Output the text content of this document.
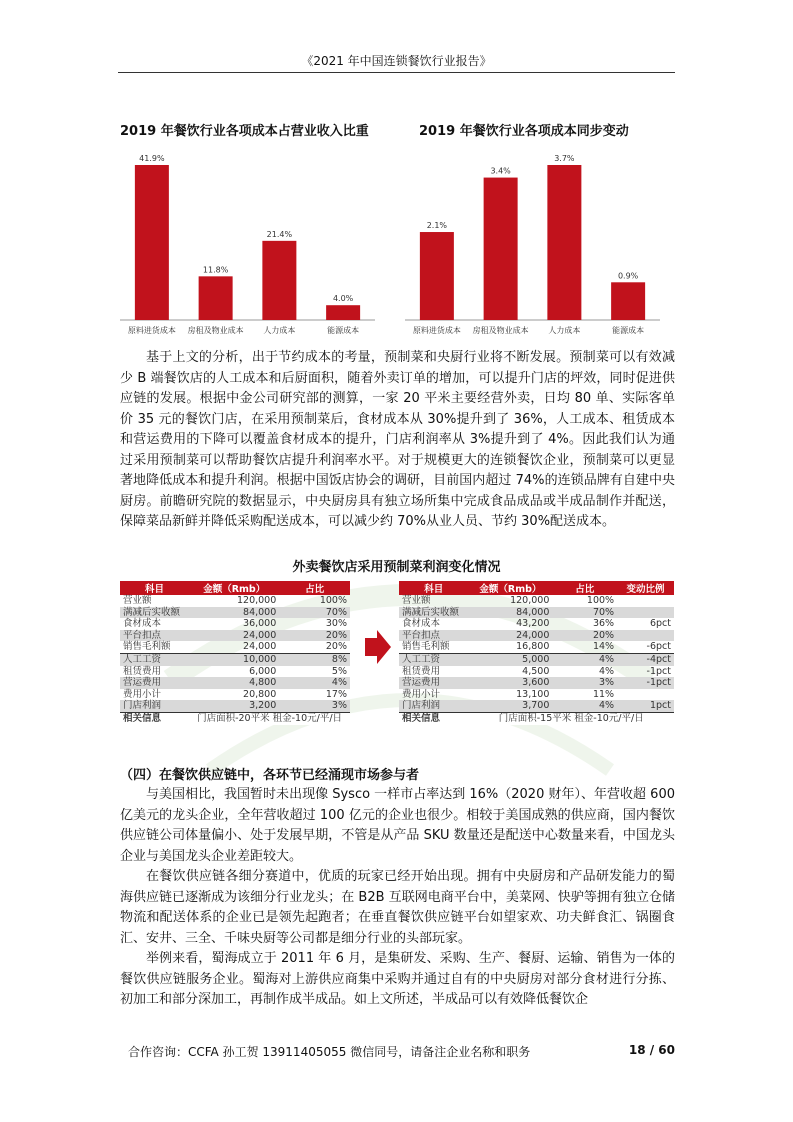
《2021 年中国连锁餐饮行业报告》
2019 年餐饮行业各项成本占营业收入比重	2019 年餐饮行业各项成本同步变动
41.9%
原料进货成本
11.8%
房租及物业成本
21.4%
人力成本
4.0%
能源成本
2.1%
原料进货成本
3.4%
房租及物业成本
3.7%
人力成本
0.9%
能源成本

基于上文的分析，出于节约成本的考量，预制菜和央厨行业将不断发展。预制菜可以有效减少 B 端餐饮店的人工成本和后厨面积，随着外卖订单的增加，可以提升门店的坪效，同时促进供应链的发展。根据中金公司研究部的测算，一家 20 平米主要经营外卖，日均 80 单、实际客单价 35 元的餐饮门店，在采用预制菜后，食材成本从 30%提升到了 36%，人工成本、租赁成本和营运费用的下降可以覆盖食材成本的提升，门店利润率从 3%提升到了 4%。因此我们认为通过采用预制菜可以帮助餐饮店提升利润率水平。对于规模更大的连锁餐饮企业，预制菜可以更显著地降低成本和提升利润。根据中国饭店协会的调研，目前国内超过 74%的连锁品牌有自建中央厨房。前瞻研究院的数据显示，中央厨房具有独立场所集中完成食品成品或半成品制作并配送，保障菜品新鲜并降低采购配送成本，可以减少约 70%从业人员、节约 30%配送成本。

外卖餐饮店采用预制菜利润变化情况
科目	金额（Rmb）	占比
营业额	120,000	100%
满减后实收额	84,000	70%
食材成本	36,000	30%
平台扣点	24,000	20%
销售毛利额	24,000	20%
人工工资	10,000	8%
租赁费用	6,000	5%
营运费用	4,800	4%
费用小计	20,800	17%
门店利润	3,200	3%
相关信息	门店面积-20平米 租金-10元/平/日	
科目	金额（Rmb）	占比	变动比例
营业额	120,000	100%	
满减后实收额	84,000	70%	
食材成本	43,200	36%	6pct
平台扣点	24,000	20%	
销售毛利额	16,800	14%	-6pct
人工工资	5,000	4%	-4pct
租赁费用	4,500	4%	-1pct
营运费用	3,600	3%	-1pct
费用小计	13,100	11%	
门店利润	3,700	4%	1pct
相关信息	门店面积-15平米 租金-10元/平/日		
（四）在餐饮供应链中，各环节已经涌现市场参与者

与美国相比，我国暂时未出现像 Sysco 一样市占率达到 16%（2020 财年）、年营收超 600 亿美元的龙头企业，全年营收超过 100 亿元的企业也很少。相较于美国成熟的供应商，国内餐饮供应链公司体量偏小、处于发展早期，不管是从产品 SKU 数量还是配送中心数量来看，中国龙头企业与美国龙头企业差距较大。

在餐饮供应链各细分赛道中，优质的玩家已经开始出现。拥有中央厨房和产品研发能力的蜀海供应链已逐渐成为该细分行业龙头；在 B2B 互联网电商平台中，美菜网、快驴等拥有独立仓储物流和配送体系的企业已是领先起跑者；在垂直餐饮供应链平台如望家欢、功夫鲜食汇、锅圈食汇、安井、三全、千味央厨等公司都是细分行业的头部玩家。

举例来看，蜀海成立于 2011 年 6 月，是集研发、采购、生产、餐厨、运输、销售为一体的餐饮供应链服务企业。蜀海对上游供应商集中采购并通过自有的中央厨房对部分食材进行分拣、初加工和部分深加工，再制作成半成品。如上文所述，半成品可以有效降低餐饮企

合作咨询：CCFA 孙工贺 13911405055 微信同号，请备注企业名称和职务	18 / 60
